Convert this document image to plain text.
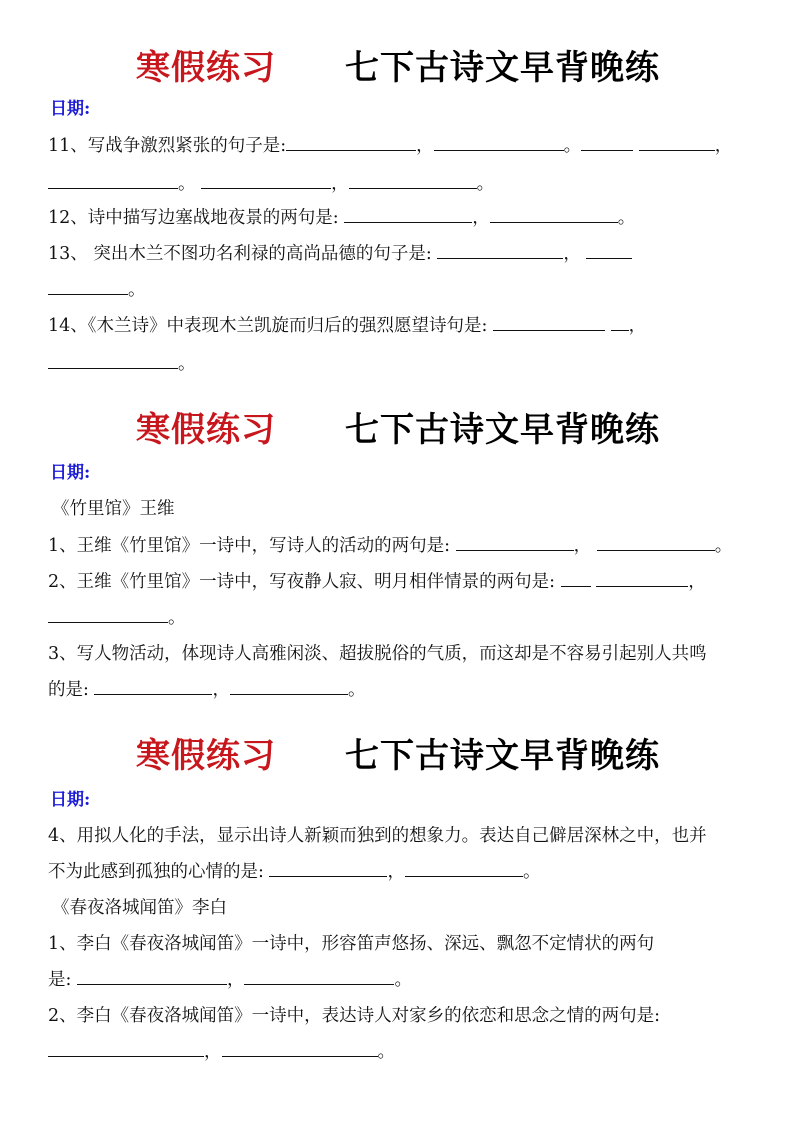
寒假练习 七下古诗文早背晚练
日期:
11、写战争激烈紧张的句子是:	，	。	，
。	，	。
12、诗中描写边塞战地夜景的两句是:	，	。
13、 突出木兰不图功名利禄的高尚品德的句子是:	，
。
14、《木兰诗》中表现木兰凯旋而归后的强烈愿望诗句是:	，
。
寒假练习 七下古诗文早背晚练
日期:
《竹里馆》王维
1、王维《竹里馆》一诗中，写诗人的活动的两句是:	，	。
2、王维《竹里馆》一诗中，写夜静人寂、明月相伴情景的两句是:	，
。
3、写人物活动，体现诗人高雅闲淡、超拔脱俗的气质，而这却是不容易引起别人共鸣
的是:	，	。
寒假练习 七下古诗文早背晚练
日期:
4、用拟人化的手法，显示出诗人新颖而独到的想象力。表达自己僻居深林之中，也并
不为此感到孤独的心情的是:	，	。
《春夜洛城闻笛》李白
1、李白《春夜洛城闻笛》一诗中，形容笛声悠扬、深远、飘忽不定情状的两句
是:	，	。
2、李白《春夜洛城闻笛》一诗中，表达诗人对家乡的依恋和思念之情的两句是:
，	。
